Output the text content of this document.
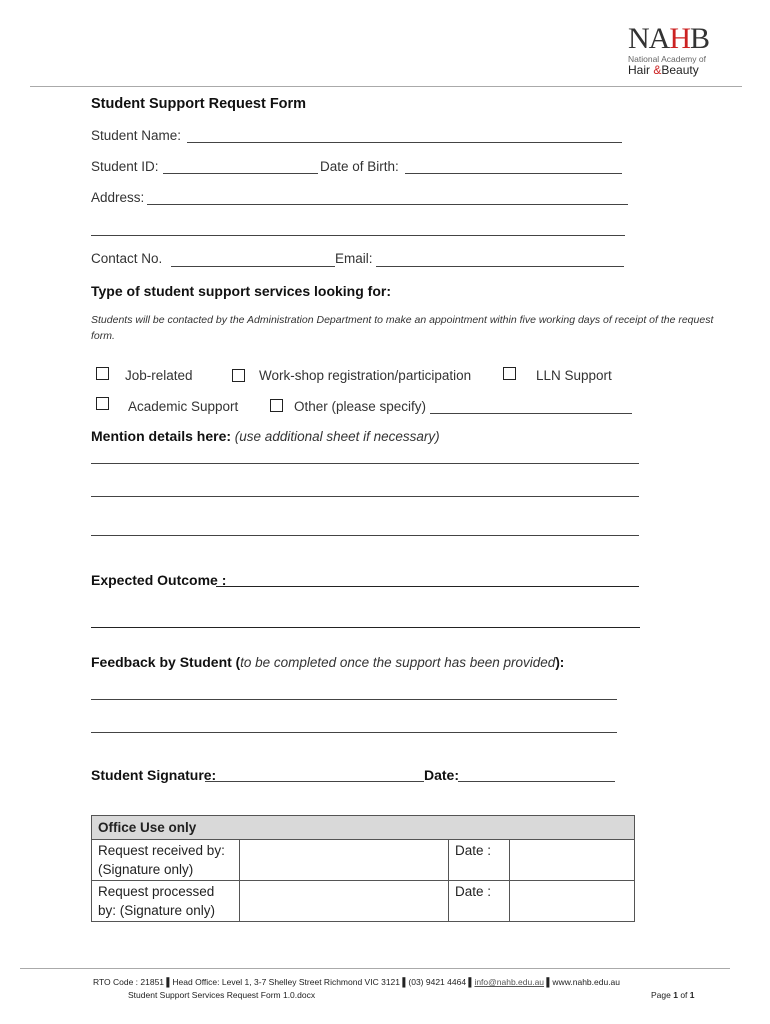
NAHB
National Academy of
Hair &Beauty
Student Support Request Form
Student Name:
Student ID:	Date of Birth:
Address:
Contact No.	Email:
Type of student support services looking for:
Students will be contacted by the Administration Department to make an appointment within five working days of receipt of the request form.
Job-related	Work-shop registration/participation	LLN Support
Academic Support	Other (please specify)
Mention details here: (use additional sheet if necessary)
Expected Outcome :
Feedback by Student (to be completed once the support has been provided):
Student Signature:	Date:
Office Use only			
Request received by: (Signature only)		Date :	
Request processed by: (Signature only)		Date :	
RTO Code : 21851 ▌Head Office: Level 1, 3-7 Shelley Street Richmond VIC 3121 ▌(03) 9421 4464 ▌info@nahb.edu.au ▌www.nahb.edu.au
Student Support Services Request Form 1.0.docx	Page 1 of 1
